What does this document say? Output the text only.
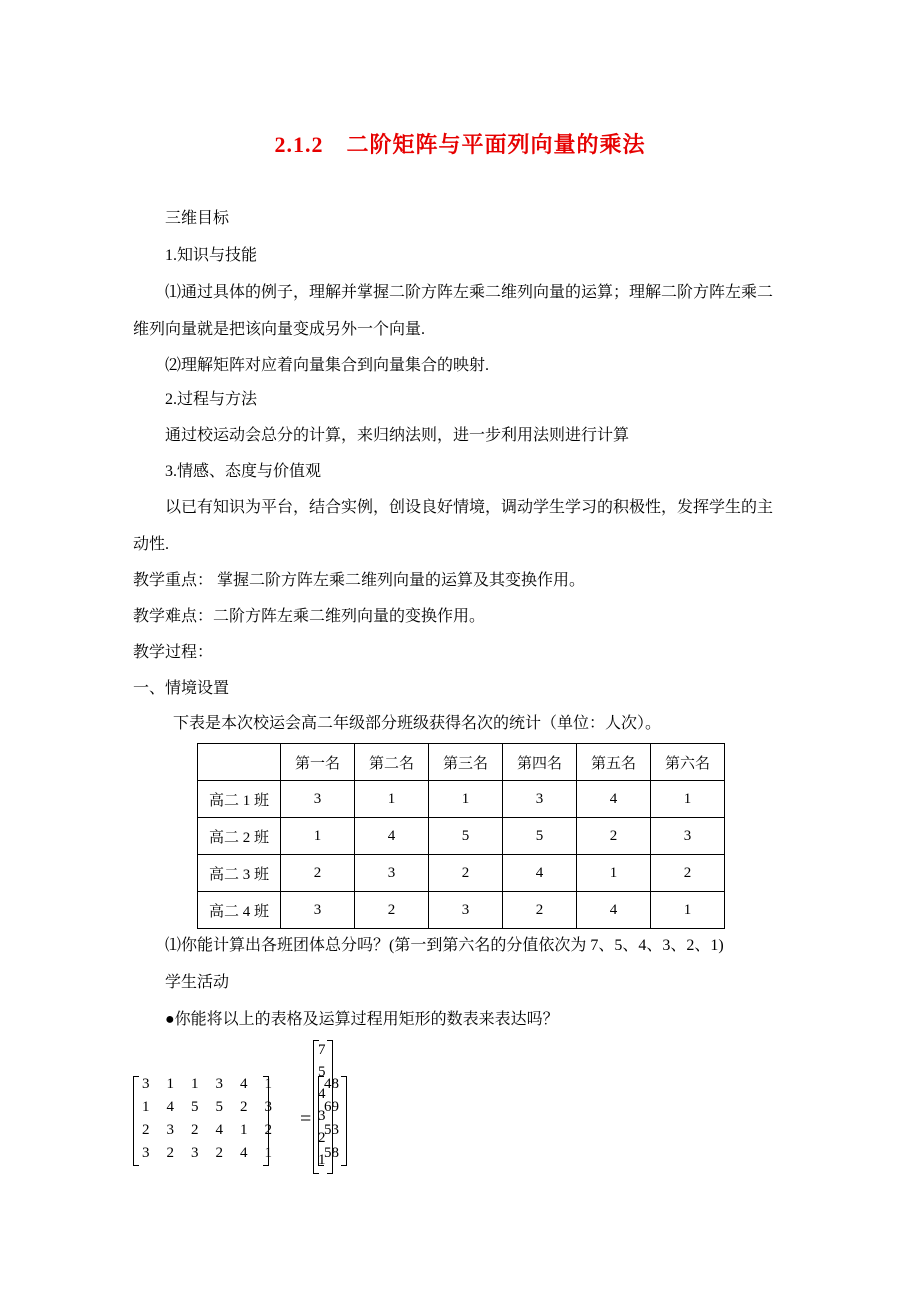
2.1.2　二阶矩阵与平面列向量的乘法
三维目标
1.知识与技能
⑴通过具体的例子，理解并掌握二阶方阵左乘二维列向量的运算；理解二阶方阵左乘二
维列向量就是把该向量变成另外一个向量.
⑵理解矩阵对应着向量集合到向量集合的映射.
2.过程与方法
通过校运动会总分的计算，来归纳法则，进一步利用法则进行计算
3.情感、态度与价值观
以已有知识为平台，结合实例，创设良好情境，调动学生学习的积极性，发挥学生的主
动性.
教学重点： 掌握二阶方阵左乘二维列向量的运算及其变换作用。
教学难点：二阶方阵左乘二维列向量的变换作用。
教学过程：
一、情境设置
下表是本次校运会高二年级部分班级获得名次的统计（单位：人次）。
	第一名	第二名	第三名	第四名	第五名	第六名
高二 1 班	3	1	1	3	4	1
高二 2 班	1	4	5	5	2	3
高二 3 班	2	3	2	4	1	2
高二 4 班	3	2	3	2	4	1
⑴你能计算出各班团体总分吗？(第一到第六名的分值依次为 7、5、4、3、2、1)
学生活动
●你能将以上的表格及运算过程用矩形的数表来表达吗？
3	1	1	3	4	1
1	4	5	5	2	3
2	3	2	4	1	2
3	2	3	2	4	1
=
7
5
4
3
2
1
48
69
53
58
